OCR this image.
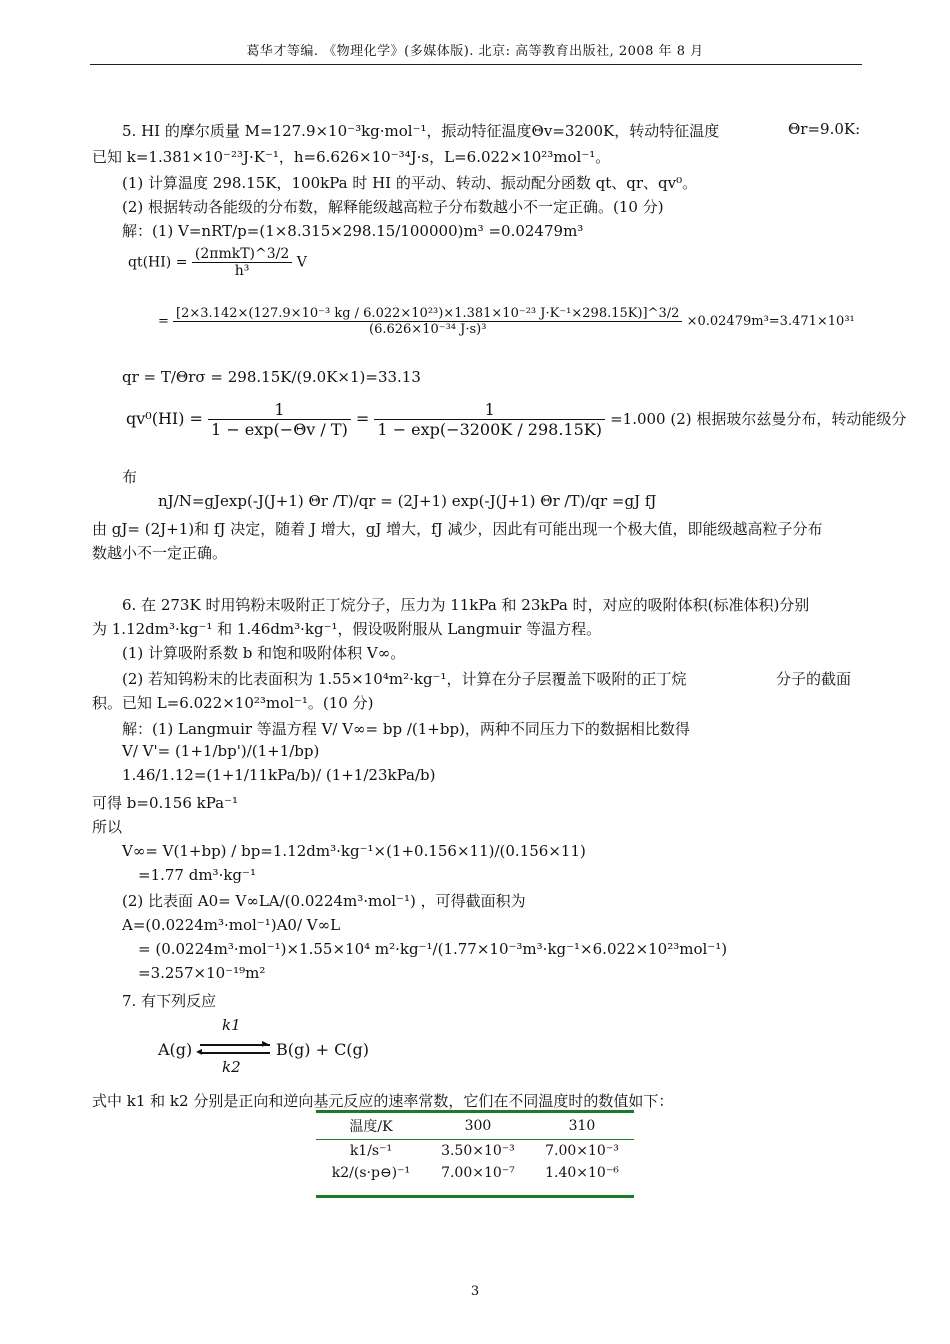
葛华才等编. 《物理化学》(多媒体版). 北京: 高等教育出版社, 2008 年 8 月
5. HI 的摩尔质量 M=127.9×10⁻³kg·mol⁻¹，振动特征温度Θv=3200K，转动特征温度	Θr=9.0K:
已知 k=1.381×10⁻²³J·K⁻¹，h=6.626×10⁻³⁴J·s，L=6.022×10²³mol⁻¹。
(1) 计算温度 298.15K，100kPa 时 HI 的平动、转动、振动配分函数 qt、qr、qv⁰。
(2) 根据转动各能级的分布数，解释能级越高粒子分布数越小不一定正确。(10 分)
解：(1) V=nRT/p=(1×8.315×298.15/100000)m³ =0.02479m³
$qt(HI) = \frac{\text{(2πmkT)\textasciicircum{}3/2}}{\text{h³}}$ V
=
[2×3.142×(127.9×10⁻³ kg / 6.022×10²³)×1.381×10⁻²³ J·K⁻¹×298.15K)]^3/2
(6.626×10⁻³⁴ J·s)³
×0.02479m³=3.471×10³¹
qr = T/Θrσ = 298.15K/(9.0K×1)=33.13
$qv^0(HI) = \frac{1}{1 - \exp(-\Theta v / T)} = \frac{1}{1 - \exp(-3200K / 298.15K)} =1.000$ (2) 根据玻尔兹曼分布，转动能级分
布
nJ/N=gJexp(-J(J+1) Θr /T)/qr = (2J+1) exp(-J(J+1) Θr /T)/qr =gJ fJ
由 gJ= (2J+1)和 fJ 决定，随着 J 增大，gJ 增大，fJ 减少，因此有可能出现一个极大值，即能级越高粒子分布
数越小不一定正确。
6. 在 273K 时用钨粉末吸附正丁烷分子，压力为 11kPa 和 23kPa 时，对应的吸附体积(标准体积)分别
为 1.12dm³·kg⁻¹ 和 1.46dm³·kg⁻¹，假设吸附服从 Langmuir 等温方程。
(1) 计算吸附系数 b 和饱和吸附体积 V∞。
(2) 若知钨粉末的比表面积为 1.55×10⁴m²·kg⁻¹，计算在分子层覆盖下吸附的正丁烷	分子的截面
积。已知 L=6.022×10²³mol⁻¹。(10 分)
解：(1) Langmuir 等温方程 V/ V∞= bp /(1+bp)，两种不同压力下的数据相比数得
V/ V'= (1+1/bp')/(1+1/bp)
1.46/1.12=(1+1/11kPa/b)/ (1+1/23kPa/b)
可得 b=0.156 kPa⁻¹
所以
V∞= V(1+bp) / bp=1.12dm³·kg⁻¹×(1+0.156×11)/(0.156×11)
=1.77 dm³·kg⁻¹
(2) 比表面 A0= V∞LA/(0.0224m³·mol⁻¹) ，可得截面积为
A=(0.0224m³·mol⁻¹)A0/ V∞L
= (0.0224m³·mol⁻¹)×1.55×10⁴ m²·kg⁻¹/(1.77×10⁻³m³·kg⁻¹×6.022×10²³mol⁻¹)
=3.257×10⁻¹⁹m²
7. 有下列反应
k1
A(g)	▸
◂	B(g) + C(g)
k2
式中 k1 和 k2 分别是正向和逆向基元反应的速率常数，它们在不同温度时的数值如下：
温度/K	300	310
k1/s⁻¹	3.50×10⁻³	7.00×10⁻³
k2/(s·p⊖)⁻¹	7.00×10⁻⁷	1.40×10⁻⁶
3
